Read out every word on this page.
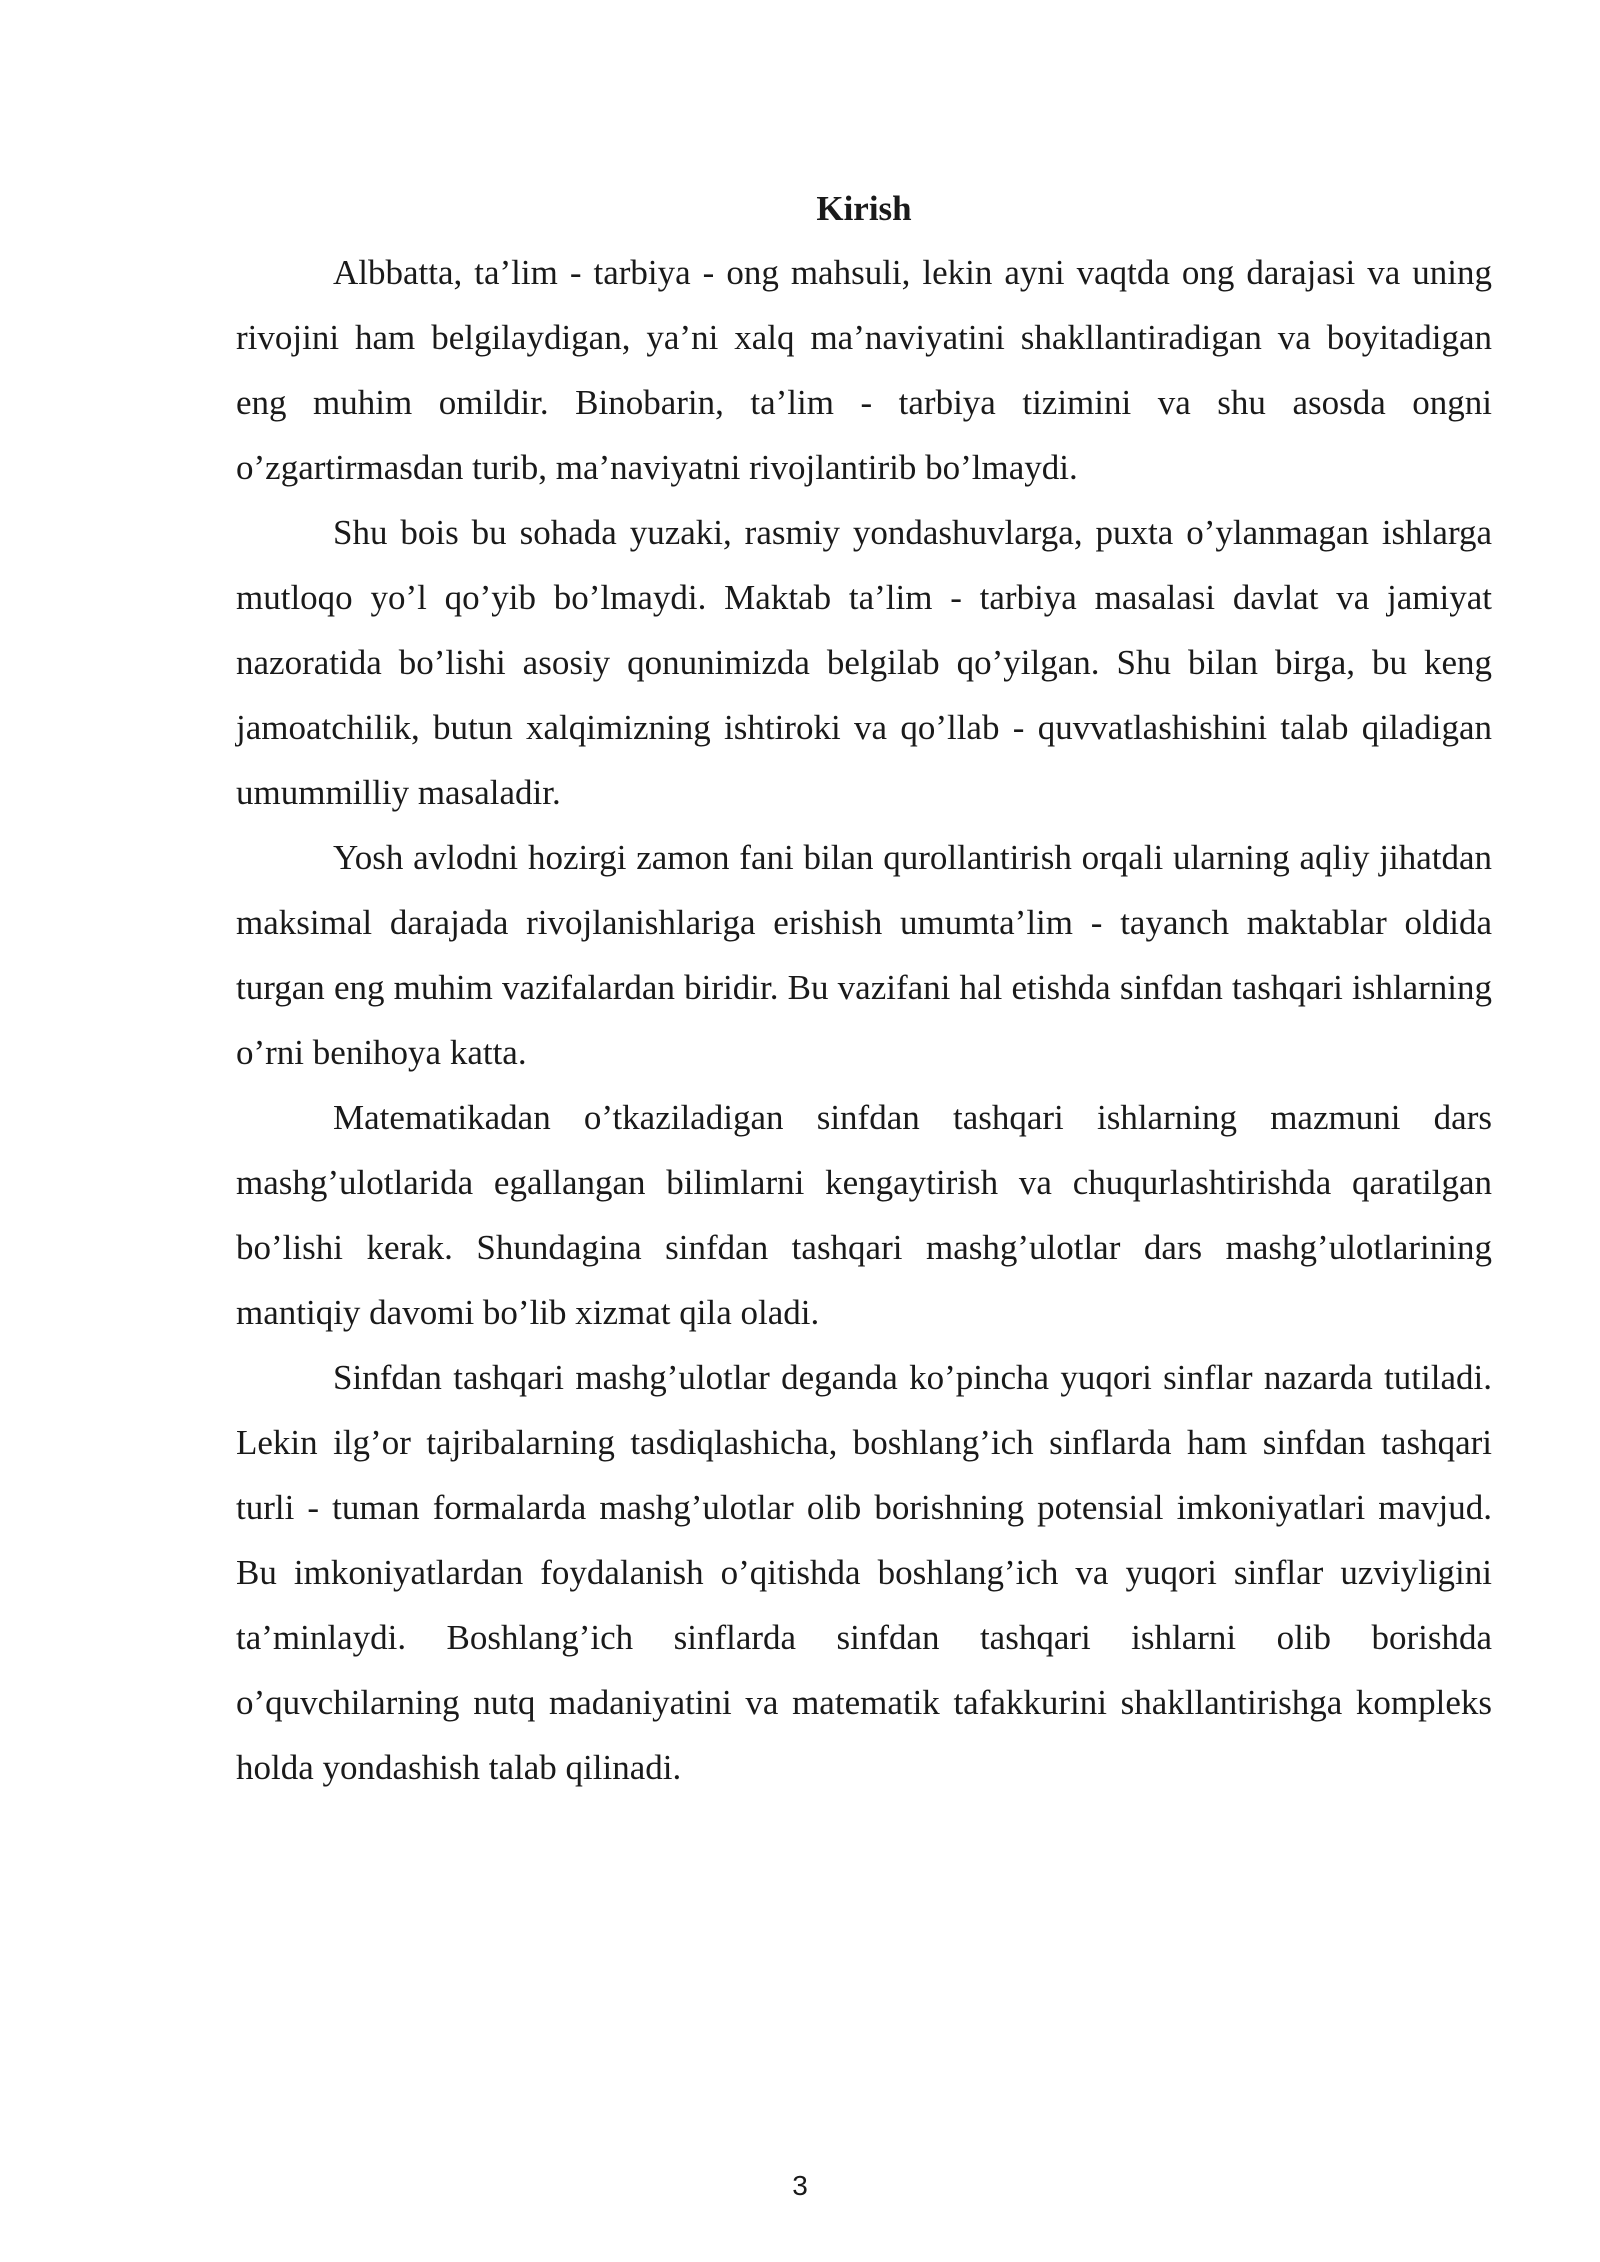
Kirish

Albbatta, ta’lim - tarbiya - ong mahsuli, lekin ayni vaqtda ong darajasi va uning rivojini ham belgilaydigan, ya’ni xalq ma’naviyatini shakllantiradigan va boyitadigan eng muhim omildir. Binobarin, ta’lim - tarbiya tizimini va shu asosda ongni o’zgartirmasdan turib, ma’naviyatni rivojlantirib bo’lmaydi.

Shu bois bu sohada yuzaki, rasmiy yondashuvlarga, puxta o’ylanmagan ishlarga mutloqo yo’l qo’yib bo’lmaydi. Maktab ta’lim - tarbiya masalasi davlat va jamiyat nazoratida bo’lishi asosiy qonunimizda belgilab qo’yilgan. Shu bilan birga, bu keng jamoatchilik, butun xalqimizning ishtiroki va qo’llab - quvvatlashishini talab qiladigan umummilliy masaladir.

Yosh avlodni hozirgi zamon fani bilan qurollantirish orqali ularning aqliy jihatdan maksimal darajada rivojlanishlariga erishish umumta’lim - tayanch maktablar oldida turgan eng muhim vazifalardan biridir. Bu vazifani hal etishda sinfdan tashqari ishlarning o’rni benihoya katta.

Matematikadan o’tkaziladigan sinfdan tashqari ishlarning mazmuni dars mashg’ulotlarida egallangan bilimlarni kengaytirish va chuqurlashtirishda qaratilgan bo’lishi kerak. Shundagina sinfdan tashqari mashg’ulotlar dars mashg’ulotlarining mantiqiy davomi bo’lib xizmat qila oladi.

Sinfdan tashqari mashg’ulotlar deganda ko’pincha yuqori sinflar nazarda tutiladi. Lekin ilg’or tajribalarning tasdiqlashicha, boshlang’ich sinflarda ham sinfdan tashqari turli - tuman formalarda mashg’ulotlar olib borishning potensial imkoniyatlari mavjud. Bu imkoniyatlardan foydalanish o’qitishda boshlang’ich va yuqori sinflar uzviyligini ta’minlaydi. Boshlang’ich sinflarda sinfdan tashqari ishlarni olib borishda o’quvchilarning nutq madaniyatini va matematik tafakkurini shakllantirishga kompleks holda yondashish talab qilinadi.

3
